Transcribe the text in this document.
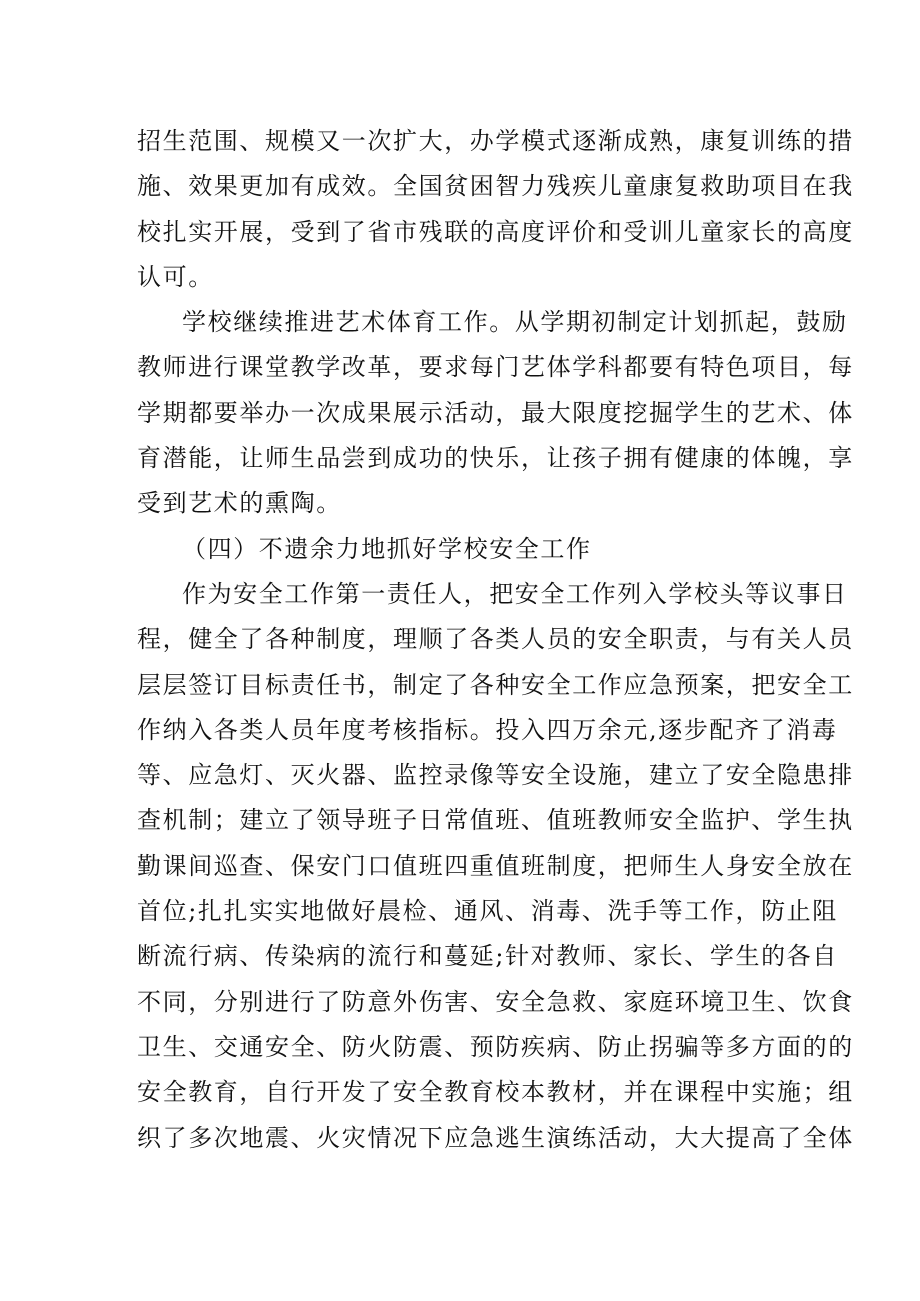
招生范围、规模又一次扩大，办学模式逐渐成熟，康复训练的措
施、效果更加有成效。全国贫困智力残疾儿童康复救助项目在我
校扎实开展，受到了省市残联的高度评价和受训儿童家长的高度
认可。

学校继续推进艺术体育工作。从学期初制定计划抓起，鼓励
教师进行课堂教学改革，要求每门艺体学科都要有特色项目，每
学期都要举办一次成果展示活动，最大限度挖掘学生的艺术、体
育潜能，让师生品尝到成功的快乐，让孩子拥有健康的体魄，享
受到艺术的熏陶。

（四）不遗余力地抓好学校安全工作

作为安全工作第一责任人，把安全工作列入学校头等议事日
程，健全了各种制度，理顺了各类人员的安全职责，与有关人员
层层签订目标责任书，制定了各种安全工作应急预案，把安全工
作纳入各类人员年度考核指标。投入四万余元,逐步配齐了消毒
等、应急灯、灭火器、监控录像等安全设施，建立了安全隐患排
查机制；建立了领导班子日常值班、值班教师安全监护、学生执
勤课间巡查、保安门口值班四重值班制度，把师生人身安全放在
首位;扎扎实实地做好晨检、通风、消毒、洗手等工作，防止阻
断流行病、传染病的流行和蔓延;针对教师、家长、学生的各自
不同，分别进行了防意外伤害、安全急救、家庭环境卫生、饮食
卫生、交通安全、防火防震、预防疾病、防止拐骗等多方面的的
安全教育，自行开发了安全教育校本教材，并在课程中实施；组
织了多次地震、火灾情况下应急逃生演练活动，大大提高了全体
